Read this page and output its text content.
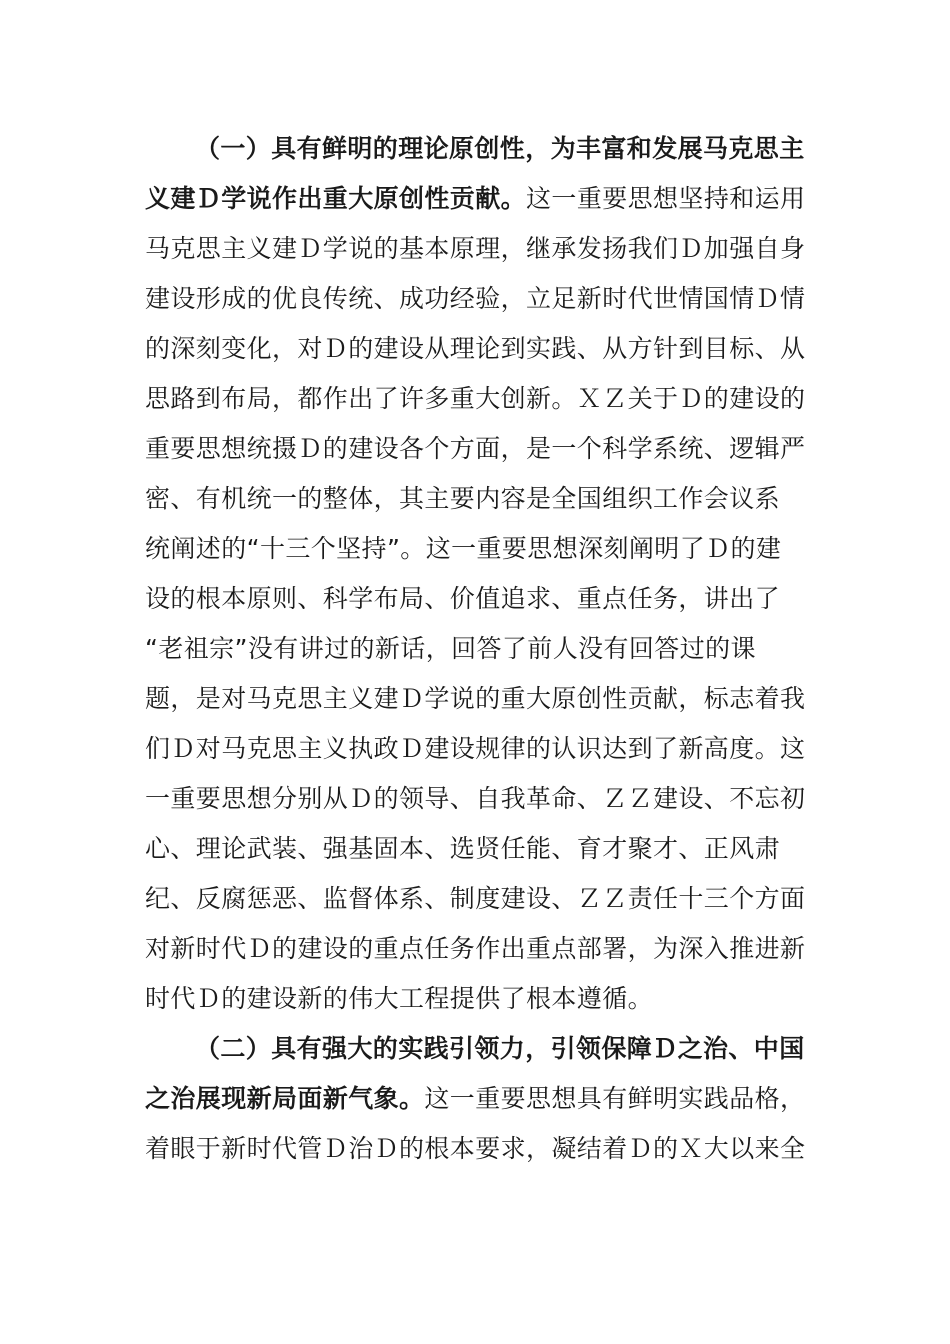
（一）具有鲜明的理论原创性，为丰富和发展马克思主
义建Ｄ学说作出重大原创性贡献。这一重要思想坚持和运用
马克思主义建Ｄ学说的基本原理，继承发扬我们Ｄ加强自身
建设形成的优良传统、成功经验，立足新时代世情国情Ｄ情
的深刻变化，对Ｄ的建设从理论到实践、从方针到目标、从
思路到布局，都作出了许多重大创新。ＸＺ关于Ｄ的建设的
重要思想统摄Ｄ的建设各个方面，是一个科学系统、逻辑严
密、有机统一的整体，其主要内容是全国组织工作会议系
统阐述的“十三个坚持”。这一重要思想深刻阐明了Ｄ的建
设的根本原则、科学布局、价值追求、重点任务，讲出了
“老祖宗”没有讲过的新话，回答了前人没有回答过的课
题，是对马克思主义建Ｄ学说的重大原创性贡献，标志着我
们Ｄ对马克思主义执政Ｄ建设规律的认识达到了新高度。这
一重要思想分别从Ｄ的领导、自我革命、ＺＺ建设、不忘初
心、理论武装、强基固本、选贤任能、育才聚才、正风肃
纪、反腐惩恶、监督体系、制度建设、ＺＺ责任十三个方面
对新时代Ｄ的建设的重点任务作出重点部署，为深入推进新
时代Ｄ的建设新的伟大工程提供了根本遵循。
（二）具有强大的实践引领力，引领保障Ｄ之治、中国
之治展现新局面新气象。这一重要思想具有鲜明实践品格，
着眼于新时代管Ｄ治Ｄ的根本要求，凝结着Ｄ的Ｘ大以来全
